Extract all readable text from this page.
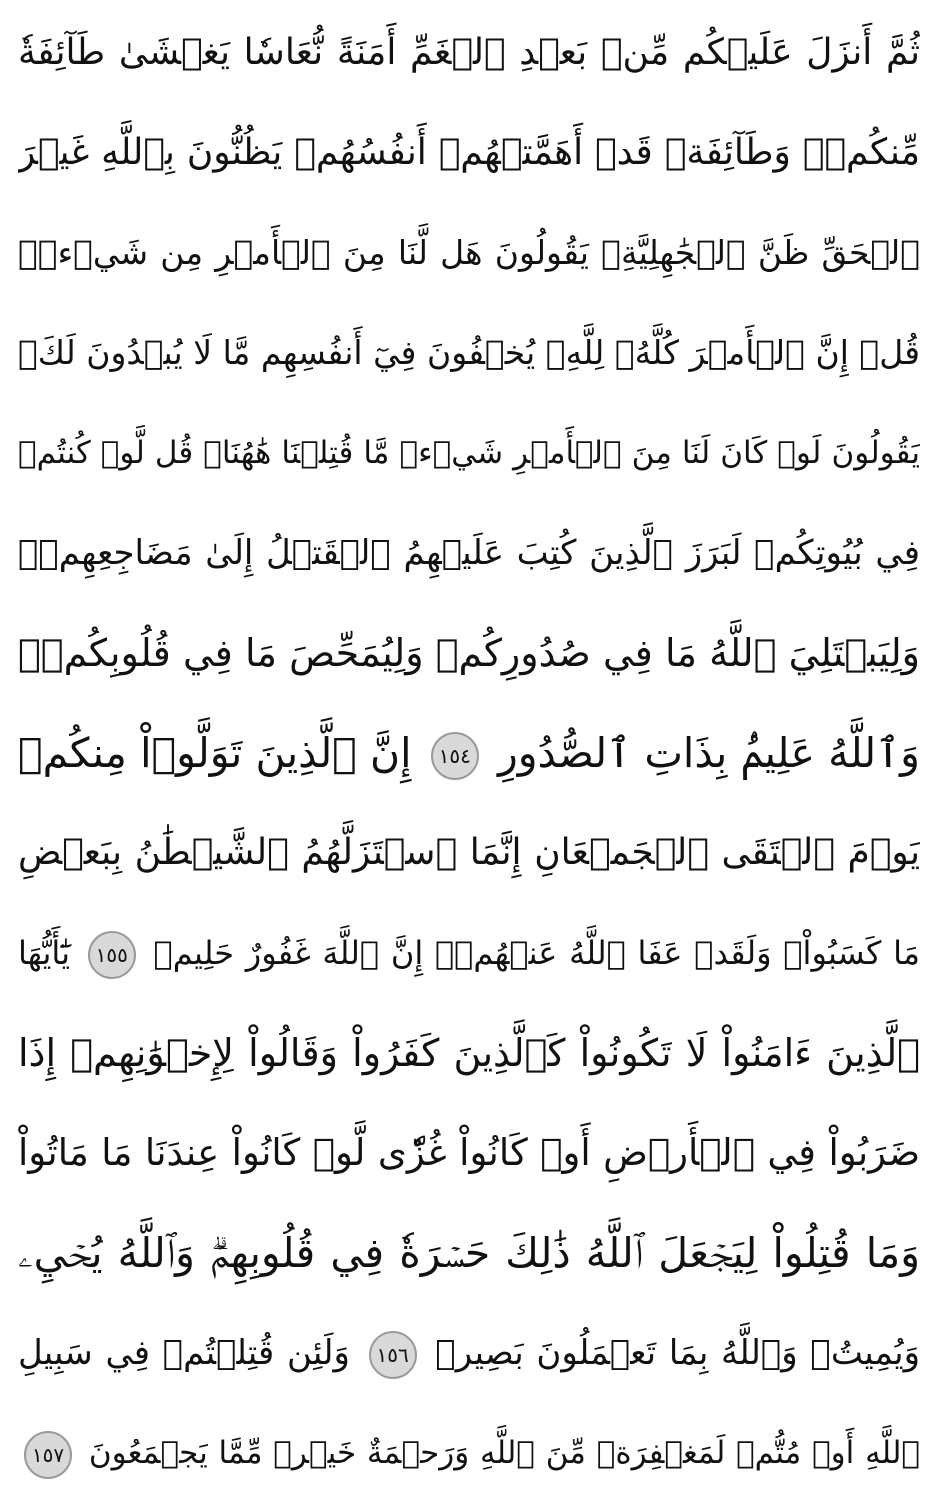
ثُمَّ أَنزَلَ عَلَيۡكُم مِّنۢ بَعۡدِ ٱلۡغَمِّ أَمَنَةً نُّعَاسٗا يَغۡشَىٰ طَآئِفَةٗ
مِّنكُمۡۖ وَطَآئِفَةٞ قَدۡ أَهَمَّتۡهُمۡ أَنفُسُهُمۡ يَظُنُّونَ بِٱللَّهِ غَيۡرَ
ٱلۡحَقِّ ظَنَّ ٱلۡجَٰهِلِيَّةِۖ يَقُولُونَ هَل لَّنَا مِنَ ٱلۡأَمۡرِ مِن شَيۡءٖۗ
قُلۡ إِنَّ ٱلۡأَمۡرَ كُلَّهُۥ لِلَّهِۗ يُخۡفُونَ فِيٓ أَنفُسِهِم مَّا لَا يُبۡدُونَ لَكَۖ
يَقُولُونَ لَوۡ كَانَ لَنَا مِنَ ٱلۡأَمۡرِ شَيۡءٞ مَّا قُتِلۡنَا هَٰهُنَاۗ قُل لَّوۡ كُنتُمۡ
فِي بُيُوتِكُمۡ لَبَرَزَ ٱلَّذِينَ كُتِبَ عَلَيۡهِمُ ٱلۡقَتۡلُ إِلَىٰ مَضَاجِعِهِمۡۖ
وَلِيَبۡتَلِيَ ٱللَّهُ مَا فِي صُدُورِكُمۡ وَلِيُمَحِّصَ مَا فِي قُلُوبِكُمۡۚ
وَٱللَّهُ عَلِيمُۢ بِذَاتِ ٱلصُّدُورِ ١٥٤ إِنَّ ٱلَّذِينَ تَوَلَّوۡاْ مِنكُمۡ
يَوۡمَ ٱلۡتَقَى ٱلۡجَمۡعَانِ إِنَّمَا ٱسۡتَزَلَّهُمُ ٱلشَّيۡطَٰنُ بِبَعۡضِ
مَا كَسَبُواْۖ وَلَقَدۡ عَفَا ٱللَّهُ عَنۡهُمۡۗ إِنَّ ٱللَّهَ غَفُورٌ حَلِيمٞ ١٥٥ يَٰٓأَيُّهَا
ٱلَّذِينَ ءَامَنُواْ لَا تَكُونُواْ كَٱلَّذِينَ كَفَرُواْ وَقَالُواْ لِإِخۡوَٰنِهِمۡ إِذَا
ضَرَبُواْ فِي ٱلۡأَرۡضِ أَوۡ كَانُواْ غُزّٗى لَّوۡ كَانُواْ عِندَنَا مَا مَاتُواْ
وَمَا قُتِلُواْ لِيَجۡعَلَ ٱللَّهُ ذَٰلِكَ حَسۡرَةٗ فِي قُلُوبِهِمۡۗ وَٱللَّهُ يُحۡيِۦ
وَيُمِيتُۗ وَٱللَّهُ بِمَا تَعۡمَلُونَ بَصِيرٞ ١٥٦ وَلَئِن قُتِلۡتُمۡ فِي سَبِيلِ
ٱللَّهِ أَوۡ مُتُّمۡ لَمَغۡفِرَةٞ مِّنَ ٱللَّهِ وَرَحۡمَةٌ خَيۡرٞ مِّمَّا يَجۡمَعُونَ ١٥٧
